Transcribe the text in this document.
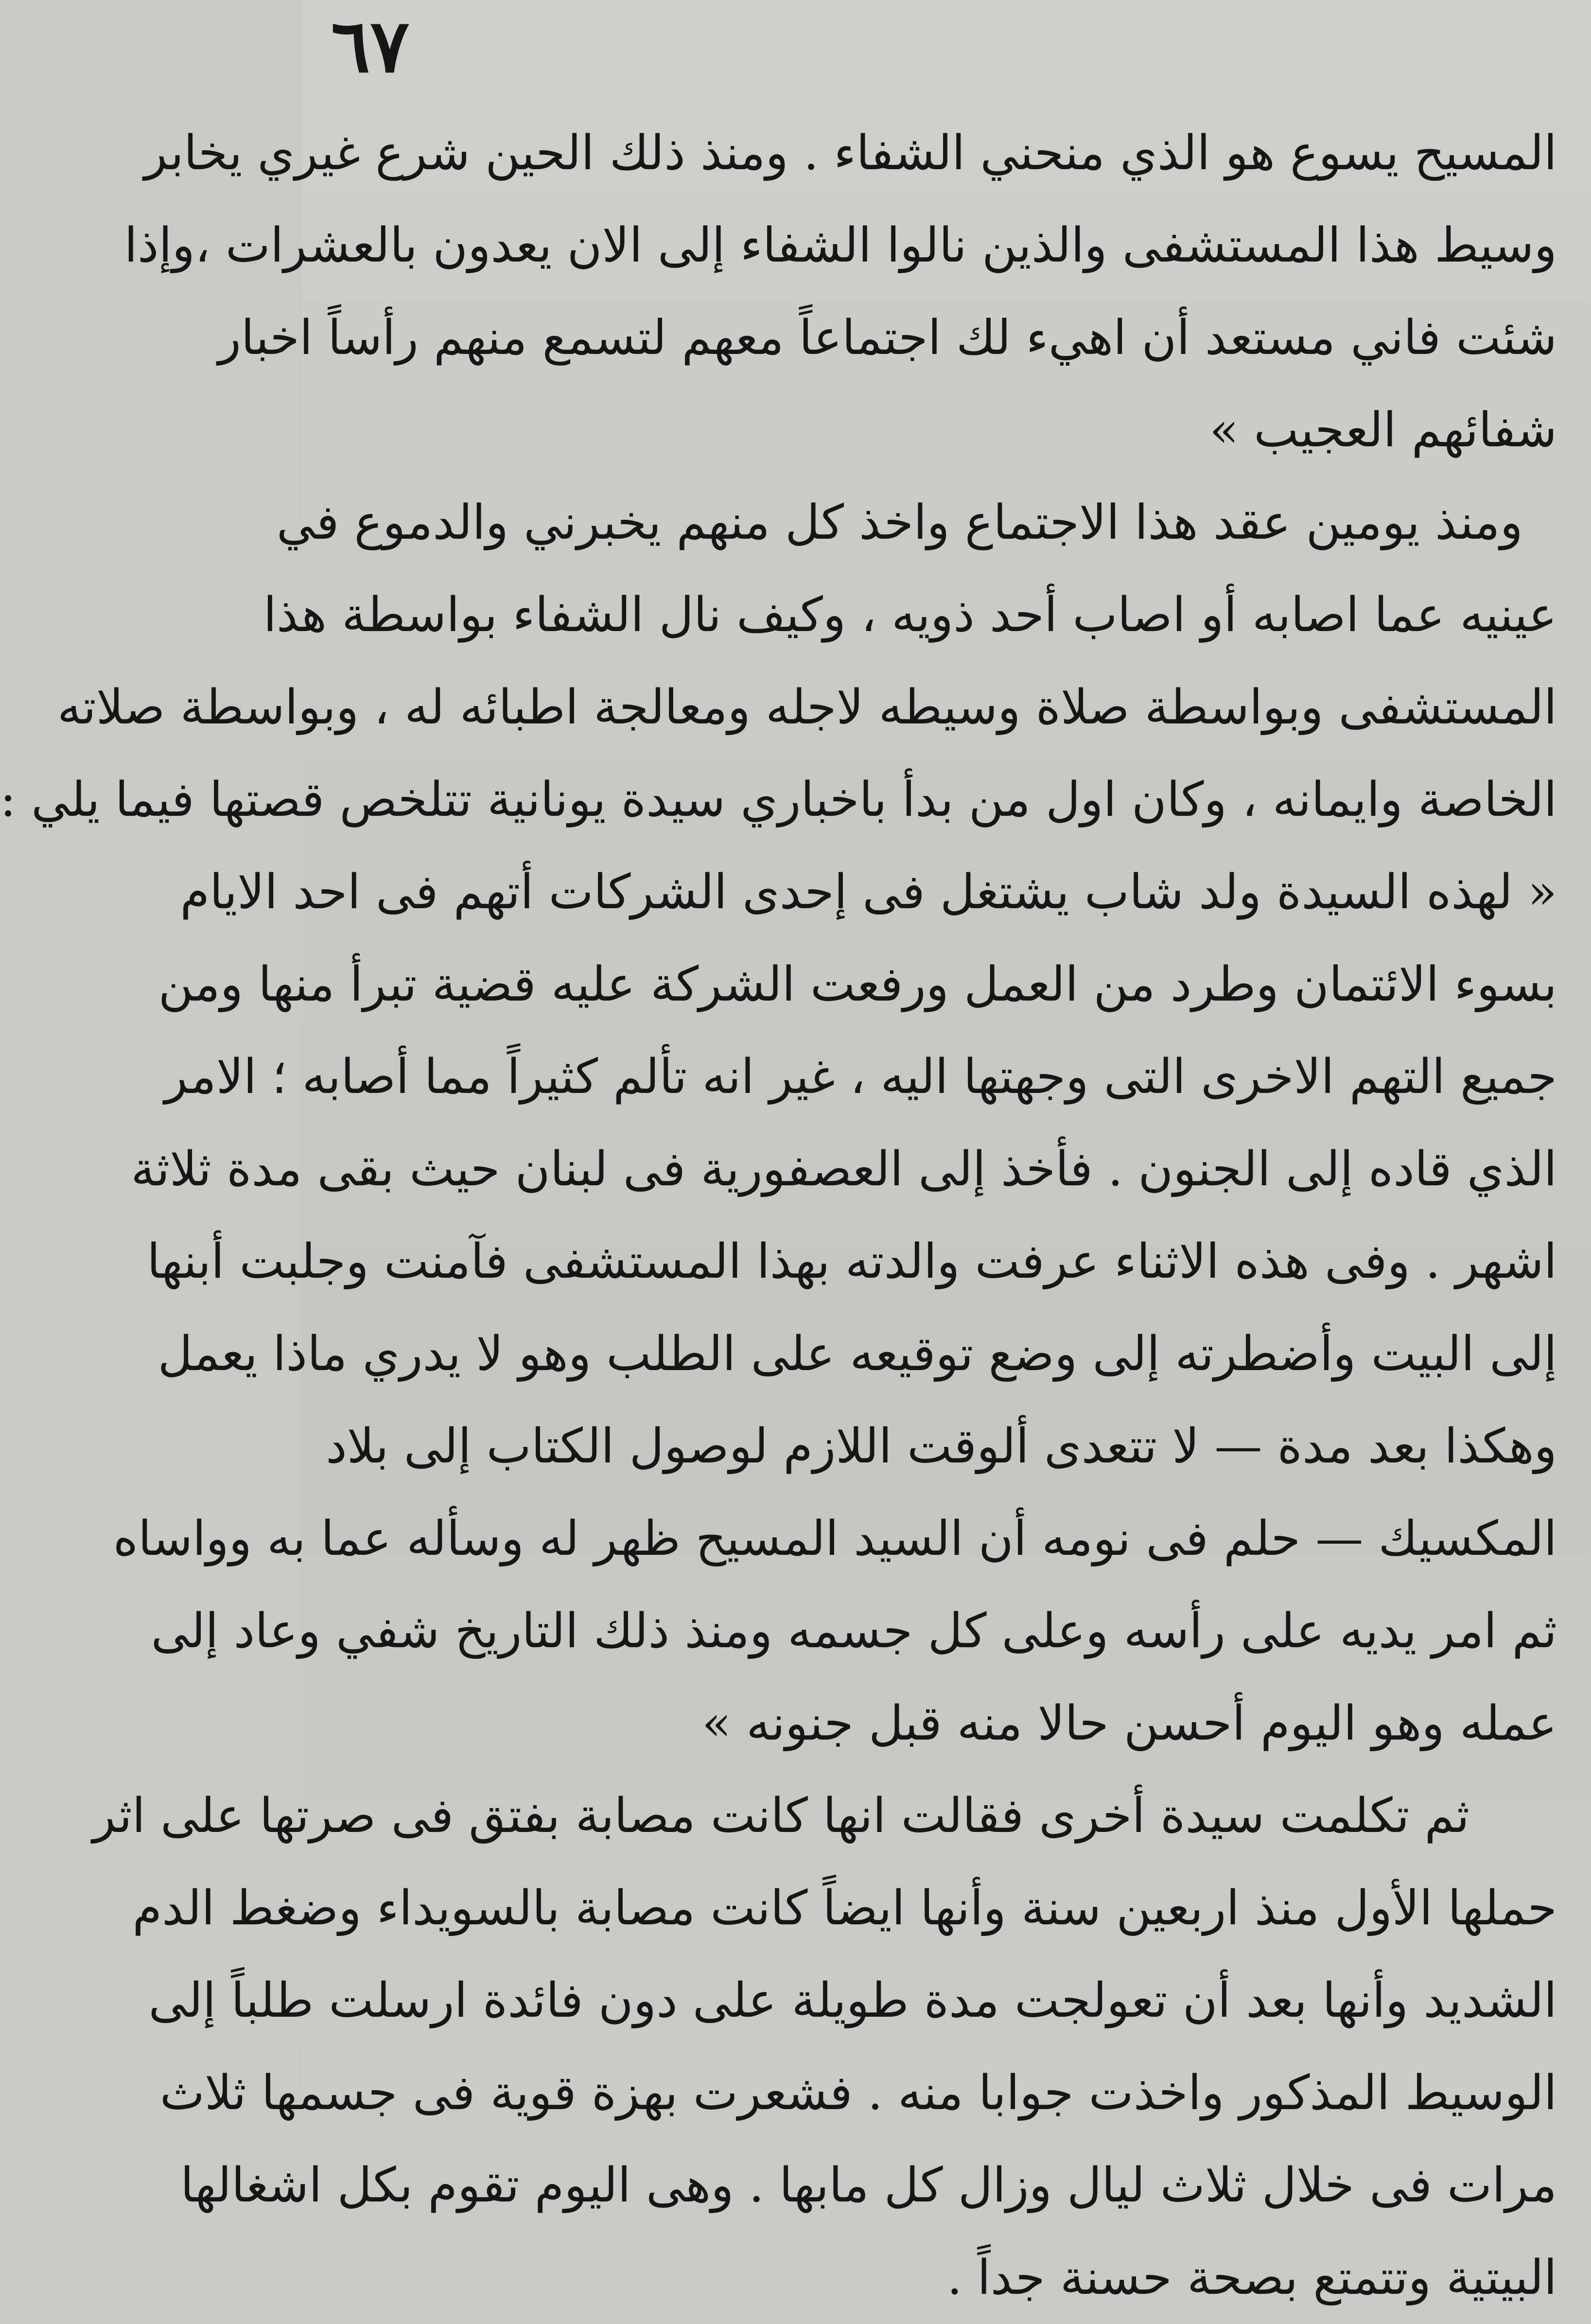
٦٧
المسيح يسوع هو الذي منحني الشفاء . ومنذ ذلك الحين شرع غيري يخابر
وسيط هذا المستشفى والذين نالوا الشفاء إلى الان يعدون بالعشرات ،وإذا
شئت فاني مستعد أن اهيء لك اجتماعاً معهم لتسمع منهم رأساً اخبار
شفائهم العجيب »
ومنذ يومين عقد هذا الاجتماع واخذ كل منهم يخبرني والدموع في
عينيه عما اصابه أو اصاب أحد ذويه ، وكيف نال الشفاء بواسطة هذا
المستشفى وبواسطة صلاة وسيطه لاجله ومعالجة اطبائه له ، وبواسطة صلاته
الخاصة وايمانه ، وكان اول من بدأ باخباري سيدة يونانية تتلخص قصتها فيما يلي :
« لهذه السيدة ولد شاب يشتغل فى إحدى الشركات أتهم فى احد الايام
بسوء الائتمان وطرد من العمل ورفعت الشركة عليه قضية تبرأ منها ومن
جميع التهم الاخرى التى وجهتها اليه ، غير انه تألم كثيراً مما أصابه ؛ الامر
الذي قاده إلى الجنون . فأخذ إلى العصفورية فى لبنان حيث بقى مدة ثلاثة
اشهر . وفى هذه الاثناء عرفت والدته بهذا المستشفى فآمنت وجلبت أبنها
إلى البيت وأضطرته إلى وضع توقيعه على الطلب وهو لا يدري ماذا يعمل
وهكذا بعد مدة — لا تتعدى ألوقت اللازم لوصول الكتاب إلى بلاد
المكسيك — حلم فى نومه أن السيد المسيح ظهر له وسأله عما به وواساه
ثم امر يديه على رأسه وعلى كل جسمه ومنذ ذلك التاريخ شفي وعاد إلى
عمله وهو اليوم أحسن حالا منه قبل جنونه »
ثم تكلمت سيدة أخرى فقالت انها كانت مصابة بفتق فى صرتها على اثر
حملها الأول منذ اربعين سنة وأنها ايضاً كانت مصابة بالسويداء وضغط الدم
الشديد وأنها بعد أن تعولجت مدة طويلة على دون فائدة ارسلت طلباً إلى
الوسيط المذكور واخذت جوابا منه . فشعرت بهزة قوية فى جسمها ثلاث
مرات فى خلال ثلاث ليال وزال كل مابها . وهى اليوم تقوم بكل اشغالها
البيتية وتتمتع بصحة حسنة جداً .
